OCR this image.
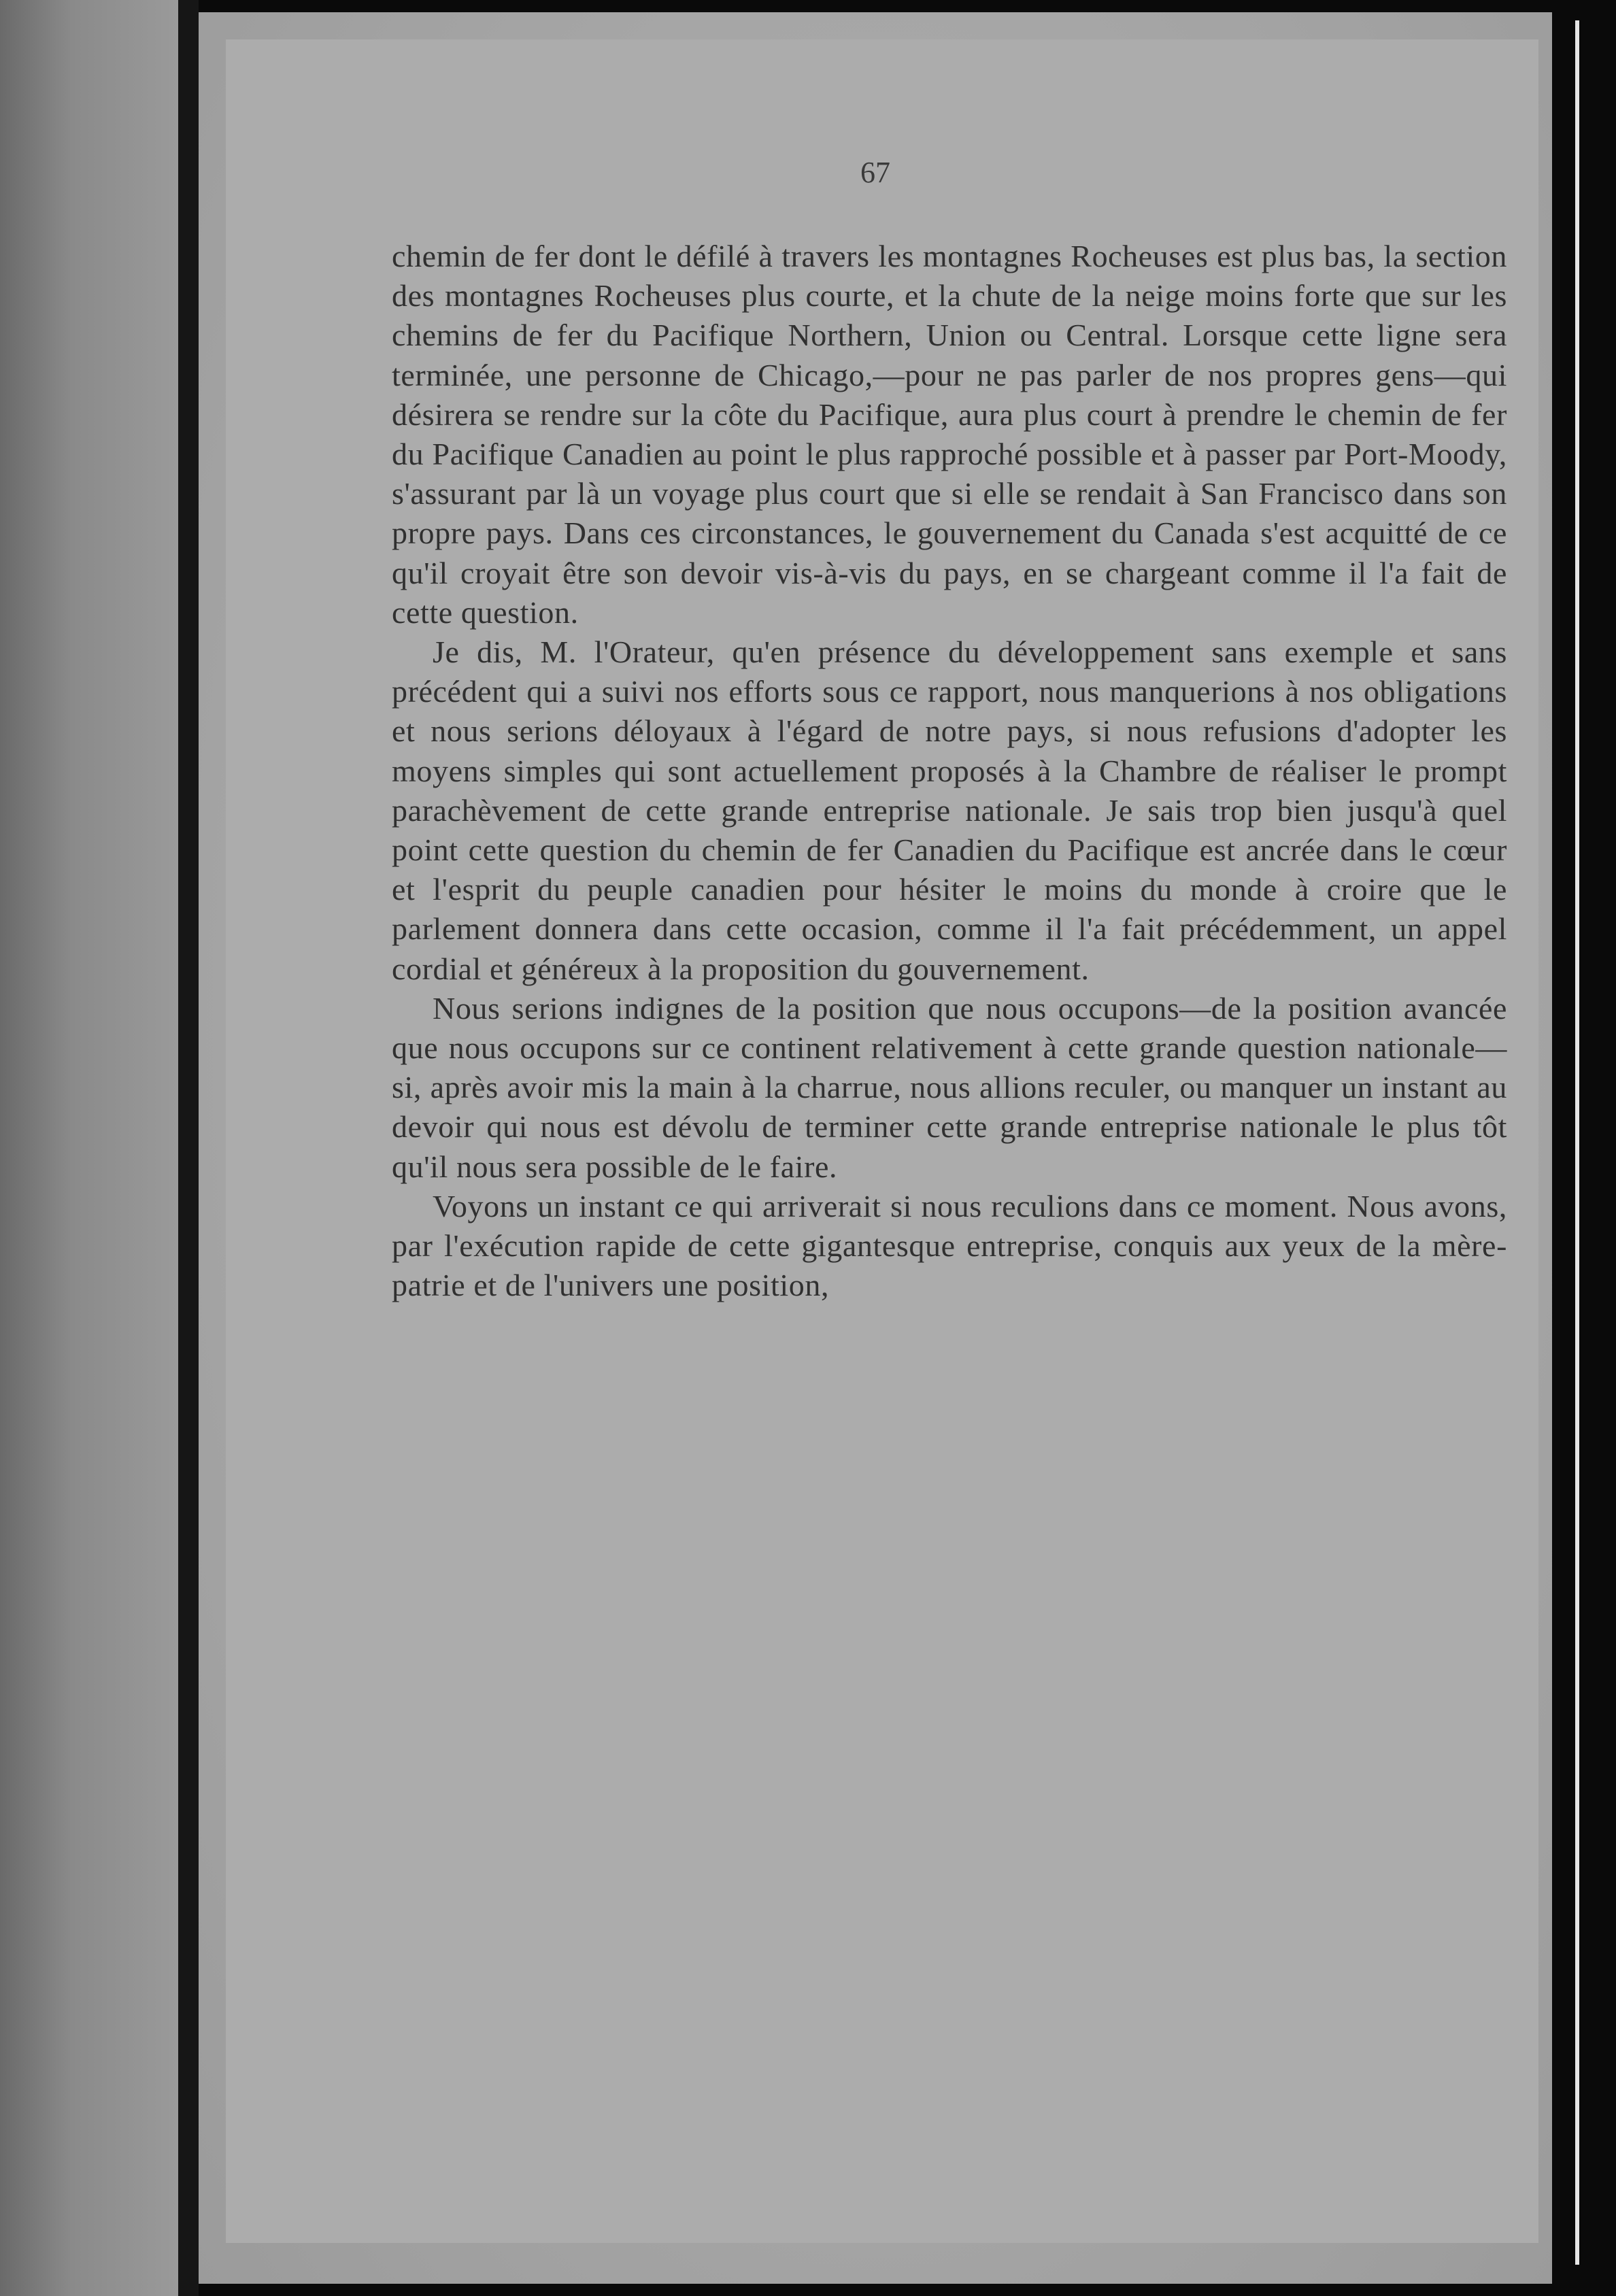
67

chemin de fer dont le défilé à travers les montagnes Rocheuses est plus bas, la section des montagnes Rocheuses plus courte, et la chute de la neige moins forte que sur les chemins de fer du Pacifique Northern, Union ou Central. Lorsque cette ligne sera terminée, une personne de Chicago,—pour ne pas parler de nos propres gens—qui désirera se rendre sur la côte du Pacifique, aura plus court à prendre le chemin de fer du Pacifique Canadien au point le plus rapproché possible et à passer par Port-Moody, s'assurant par là un voyage plus court que si elle se rendait à San Francisco dans son propre pays. Dans ces circonstances, le gouvernement du Canada s'est acquitté de ce qu'il croyait être son devoir vis-à-vis du pays, en se chargeant comme il l'a fait de cette question.

Je dis, M. l'Orateur, qu'en présence du développement sans exemple et sans précédent qui a suivi nos efforts sous ce rapport, nous manquerions à nos obligations et nous serions déloyaux à l'égard de notre pays, si nous refusions d'adopter les moyens simples qui sont actuellement proposés à la Chambre de réaliser le prompt parachèvement de cette grande entreprise nationale. Je sais trop bien jusqu'à quel point cette question du chemin de fer Canadien du Pacifique est ancrée dans le cœur et l'esprit du peuple canadien pour hésiter le moins du monde à croire que le parlement donnera dans cette occasion, comme il l'a fait précédemment, un appel cordial et généreux à la proposition du gouvernement.

Nous serions indignes de la position que nous occupons—de la position avancée que nous occupons sur ce continent relativement à cette grande question nationale—si, après avoir mis la main à la charrue, nous allions reculer, ou manquer un instant au devoir qui nous est dévolu de terminer cette grande entreprise nationale le plus tôt qu'il nous sera possible de le faire.

Voyons un instant ce qui arriverait si nous reculions dans ce moment. Nous avons, par l'exécution rapide de cette gigantesque entreprise, conquis aux yeux de la mère-patrie et de l'univers une position,
